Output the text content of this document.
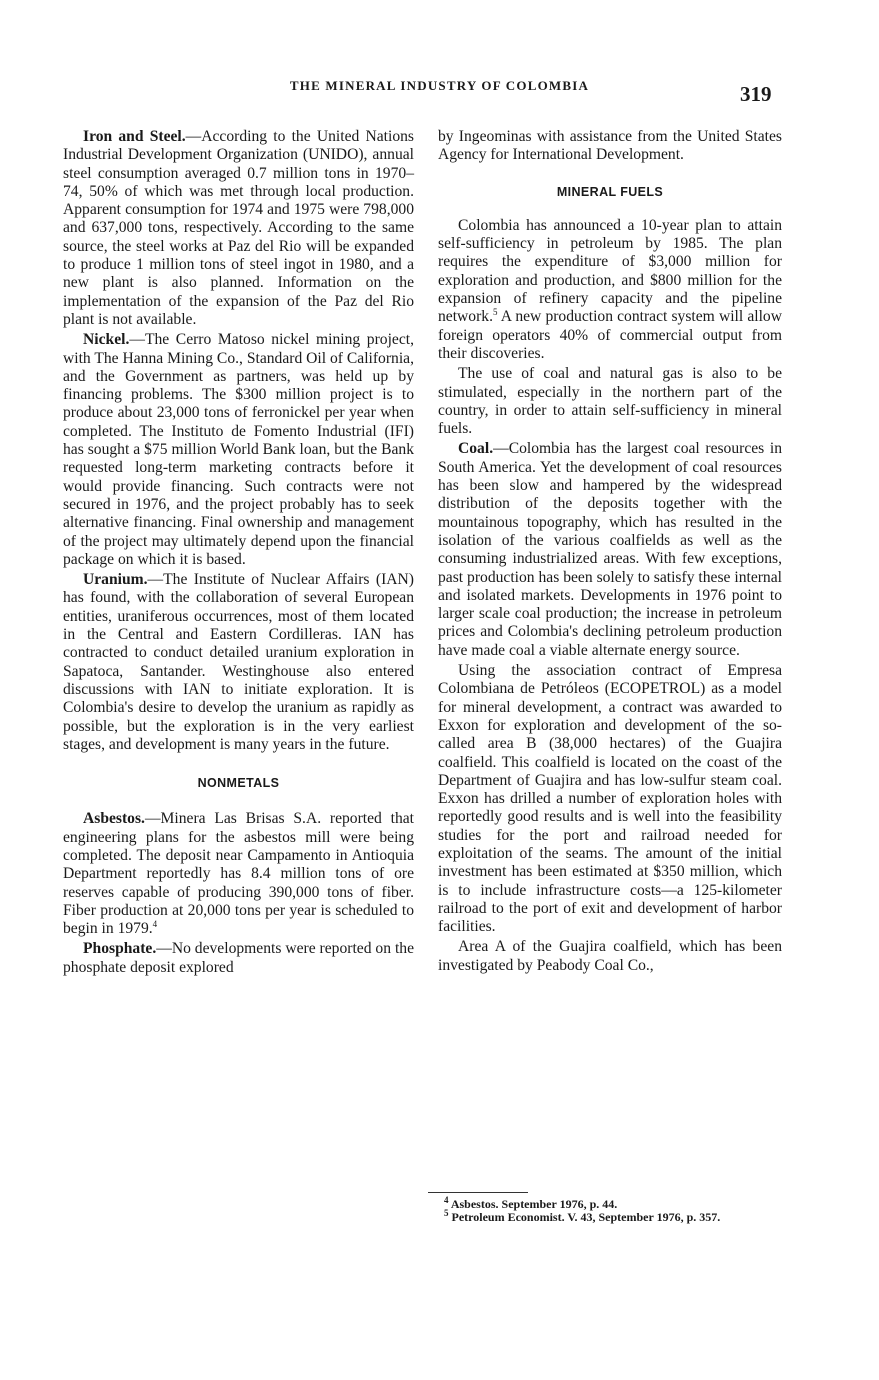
THE MINERAL INDUSTRY OF COLOMBIA	319

Iron and Steel.—According to the United Nations Industrial Development Organization (UNIDO), annual steel consumption averaged 0.7 million tons in 1970–74, 50% of which was met through local production. Apparent consumption for 1974 and 1975 were 798,000 and 637,000 tons, respectively. According to the same source, the steel works at Paz del Rio will be expanded to produce 1 million tons of steel ingot in 1980, and a new plant is also planned. Information on the implementation of the expansion of the Paz del Rio plant is not available.

Nickel.—The Cerro Matoso nickel mining project, with The Hanna Mining Co., Standard Oil of California, and the Government as partners, was held up by financing problems. The $300 million project is to produce about 23,000 tons of ferronickel per year when completed. The Instituto de Fomento Industrial (IFI) has sought a $75 million World Bank loan, but the Bank requested long-term marketing contracts before it would provide financing. Such contracts were not secured in 1976, and the project probably has to seek alternative financing. Final ownership and management of the project may ultimately depend upon the financial package on which it is based.

Uranium.—The Institute of Nuclear Affairs (IAN) has found, with the collaboration of several European entities, uraniferous occurrences, most of them located in the Central and Eastern Cordilleras. IAN has contracted to conduct detailed uranium exploration in Sapatoca, Santander. Westinghouse also entered discussions with IAN to initiate exploration. It is Colombia's desire to develop the uranium as rapidly as possible, but the exploration is in the very earliest stages, and development is many years in the future.

NONMETALS

Asbestos.—Minera Las Brisas S.A. reported that engineering plans for the asbestos mill were being completed. The deposit near Campamento in Antioquia Department reportedly has 8.4 million tons of ore reserves capable of producing 390,000 tons of fiber. Fiber production at 20,000 tons per year is scheduled to begin in 1979.$^4$

Phosphate.—No developments were reported on the phosphate deposit explored

by Ingeominas with assistance from the United States Agency for International Development.

MINERAL FUELS

Colombia has announced a 10-year plan to attain self-sufficiency in petroleum by 1985. The plan requires the expenditure of $3,000 million for exploration and production, and $800 million for the expansion of refinery capacity and the pipeline network.$^5$ A new production contract system will allow foreign operators 40% of commercial output from their discoveries.

The use of coal and natural gas is also to be stimulated, especially in the northern part of the country, in order to attain self-sufficiency in mineral fuels.

Coal.—Colombia has the largest coal resources in South America. Yet the development of coal resources has been slow and hampered by the widespread distribution of the deposits together with the mountainous topography, which has resulted in the isolation of the various coalfields as well as the consuming industrialized areas. With few exceptions, past production has been solely to satisfy these internal and isolated markets. Developments in 1976 point to larger scale coal production; the increase in petroleum prices and Colombia's declining petroleum production have made coal a viable alternate energy source.

Using the association contract of Empresa Colombiana de Petróleos (ECOPETROL) as a model for mineral development, a contract was awarded to Exxon for exploration and development of the so-called area B (38,000 hectares) of the Guajira coalfield. This coalfield is located on the coast of the Department of Guajira and has low-sulfur steam coal. Exxon has drilled a number of exploration holes with reportedly good results and is well into the feasibility studies for the port and railroad needed for exploitation of the seams. The amount of the initial investment has been estimated at $350 million, which is to include infrastructure costs—a 125-kilometer railroad to the port of exit and development of harbor facilities.

Area A of the Guajira coalfield, which has been investigated by Peabody Coal Co.,

$^4$ Asbestos. September 1976, p. 44.

$^5$ Petroleum Economist. V. 43, September 1976, p. 357.
